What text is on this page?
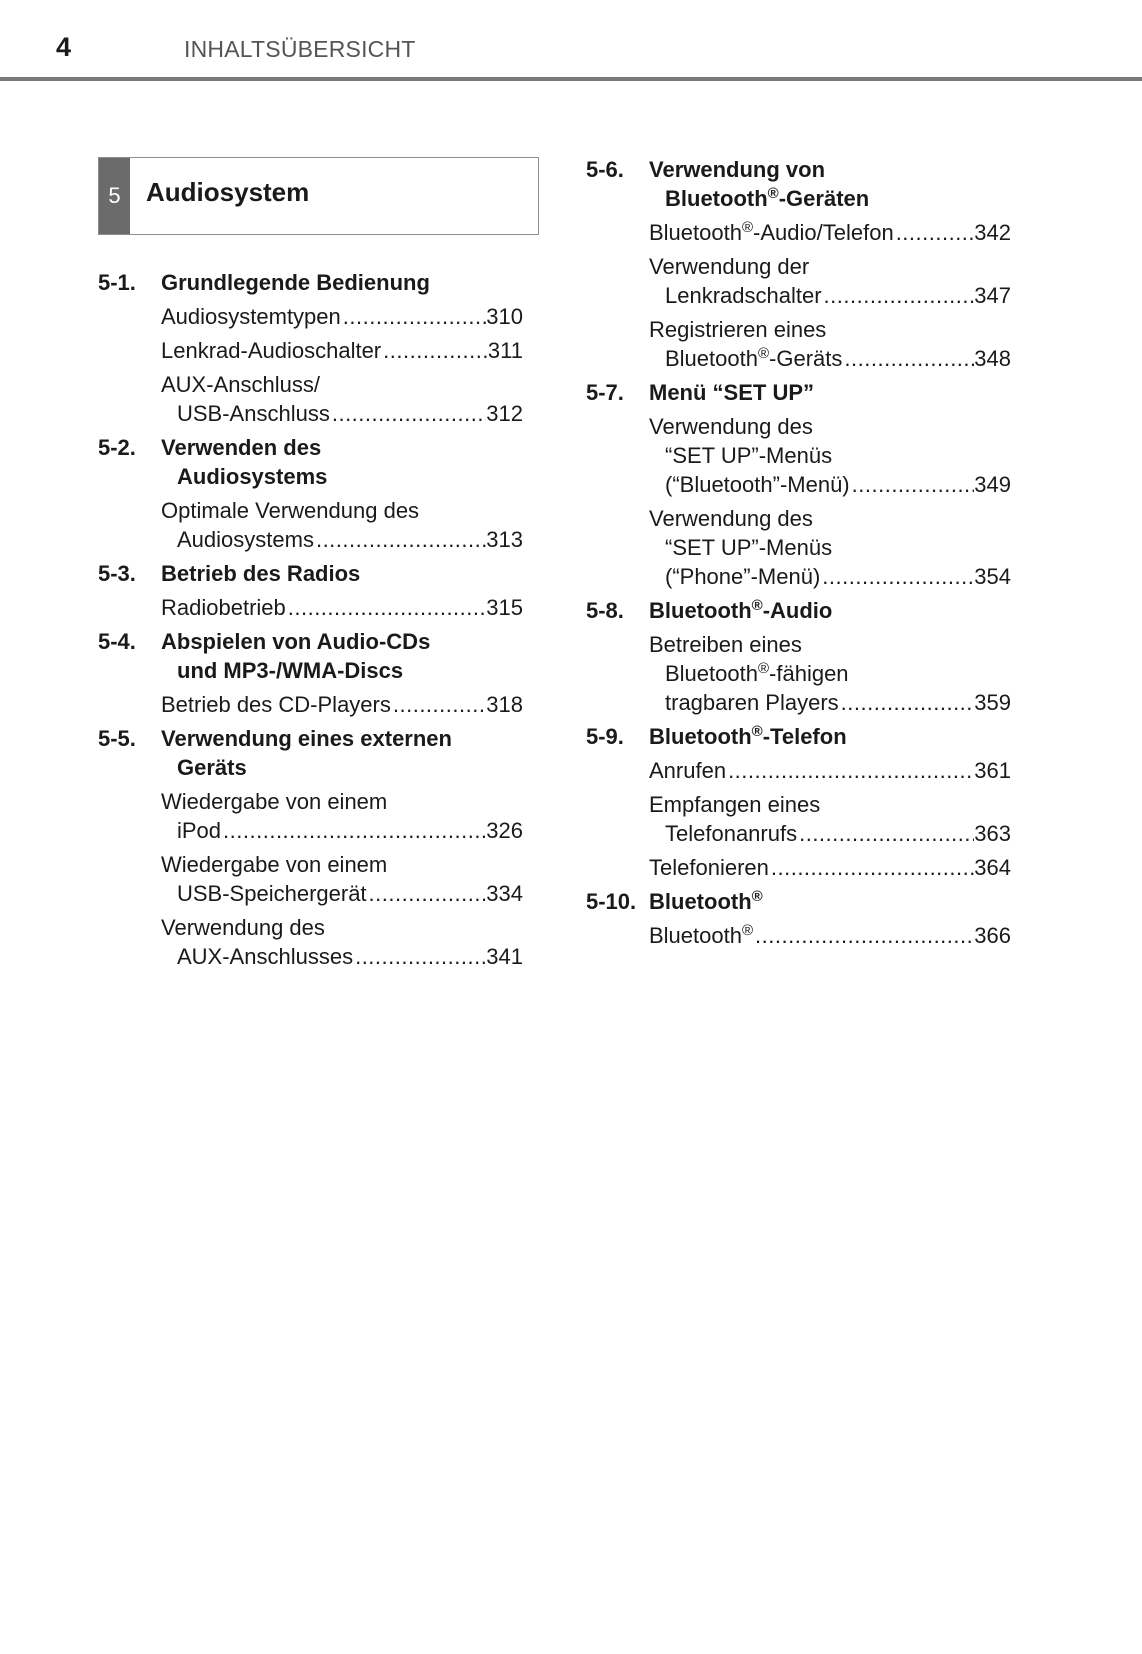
4	INHALTSÜBERSICHT
5 Audiosystem
5-1. Grundlegende Bedienung
Audiosystemtypen .....	310
Lenkrad-Audioschalter .....	311
AUX-Anschluss/
USB-Anschluss .....	312
5-2. Verwenden des
Audiosystems
Optimale Verwendung des
Audiosystems .....	313
5-3. Betrieb des Radios
Radiobetrieb .....	315
5-4. Abspielen von Audio-CDs
und MP3-/WMA-Discs
Betrieb des CD-Players .....	318
5-5. Verwendung eines externen
Geräts
Wiedergabe von einem
iPod .....	326
Wiedergabe von einem
USB-Speichergerät .....	334
Verwendung des
AUX-Anschlusses .....	341
5-6. Verwendung von
Bluetooth®-Geräten
Bluetooth®-Audio/Telefon .....	342
Verwendung der
Lenkradschalter .....	347
Registrieren eines
Bluetooth®-Geräts .....	348
5-7. Menü “SET UP”
Verwendung des
“SET UP”-Menüs
(“Bluetooth”-Menü) .....	349
Verwendung des
“SET UP”-Menüs
(“Phone”-Menü) .....	354
5-8. Bluetooth®-Audio
Betreiben eines
Bluetooth®-fähigen
tragbaren Players .....	359
5-9. Bluetooth®-Telefon
Anrufen .....	361
Empfangen eines
Telefonanrufs .....	363
Telefonieren .....	364
5-10. Bluetooth®
Bluetooth® .....	366
